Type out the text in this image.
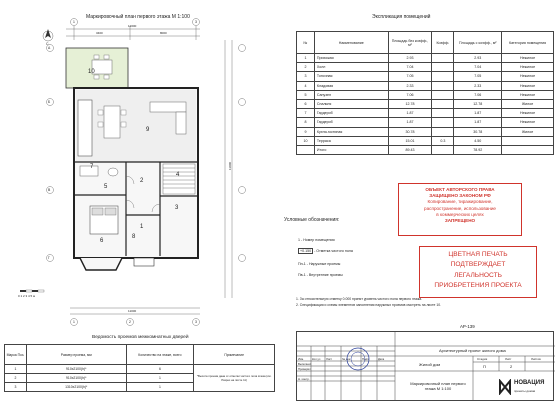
Маркировочный план первого этажа М 1:100
10
9
7
5
2
4
1
3
6
8
С
0 1 2 3 4 5 м
A
Б
В
Г
1	2	3
1	3
12000
3400	8000
11000
11000
Экспликация помещений
№	Наименование	Площадь без коэфф., м²	Коэфф.	Площадь с коэфф., м²	Категория помещения
1	Прихожая	2.93		2.93	Нежилое
2	Холл	7.04		7.04	Нежилое
3	Топочная	7.05		7.05	Нежилое
4	Кладовая	2.33		2.33	Нежилое
5	Санузел	7.06		7.06	Нежилое
6	Спальня	12.78		12.78	Жилое
7	Гардероб	1.87		1.87	Нежилое
8	Гардероб	1.87		1.87	Нежилое
9	Кухня-гостиная	30.78		30.78	Жилое
10	Терраса	15.01	0.3	4.50	
	Итого	89.43		78.92	
ОБЪЕКТ АВТОРСКОГО ПРАВА
ЗАЩИЩЕНО ЗАКОНОМ РФ
Копирование, тиражирование,
распространение, использование
в коммерческих целях
ЗАПРЕЩЕНО
ЦВЕТНАЯ ПЕЧАТЬ
ПОДТВЕРЖДАЕТ
ЛЕГАЛЬНОСТЬ
ПРИОБРЕТЕНИЯ ПРОЕКТА
Условные обозначения:
1 - Номер помещения
+0.150 - Отметка чистого пола
Пн-1 - Наружные проемы
Пв-1 - Внутренние проемы
1. За относительную отметку 0.000 принят уровень чистого пола первого этажа.
2. Спецификация и схемы элементов заполнения наружных проемов смотреть на листе 10.
Ведомость проемов межкомнатных дверей
Марка Поз.	Размер проема, мм	Количество на этаже, всего	Примечание
1	910x2100(h)*	6	*Высота проема дана от отметки чистого пола этажа (см. Разрез на листе 11)
2	910x2100(h)*	1	
3	1310x2100(h)*	1	
АР-139
Архитектурный проект жилого дома
Жилой дом
Маркировочный план первого этажа М 1:100
Стадия	Лист	Листов
П	2
Изм.	Кол.уч Лист	№ док.	Подп.	Дата
Выполнил
Проверил
Н. контр.
НОВАЦИЯ
проекты домов
